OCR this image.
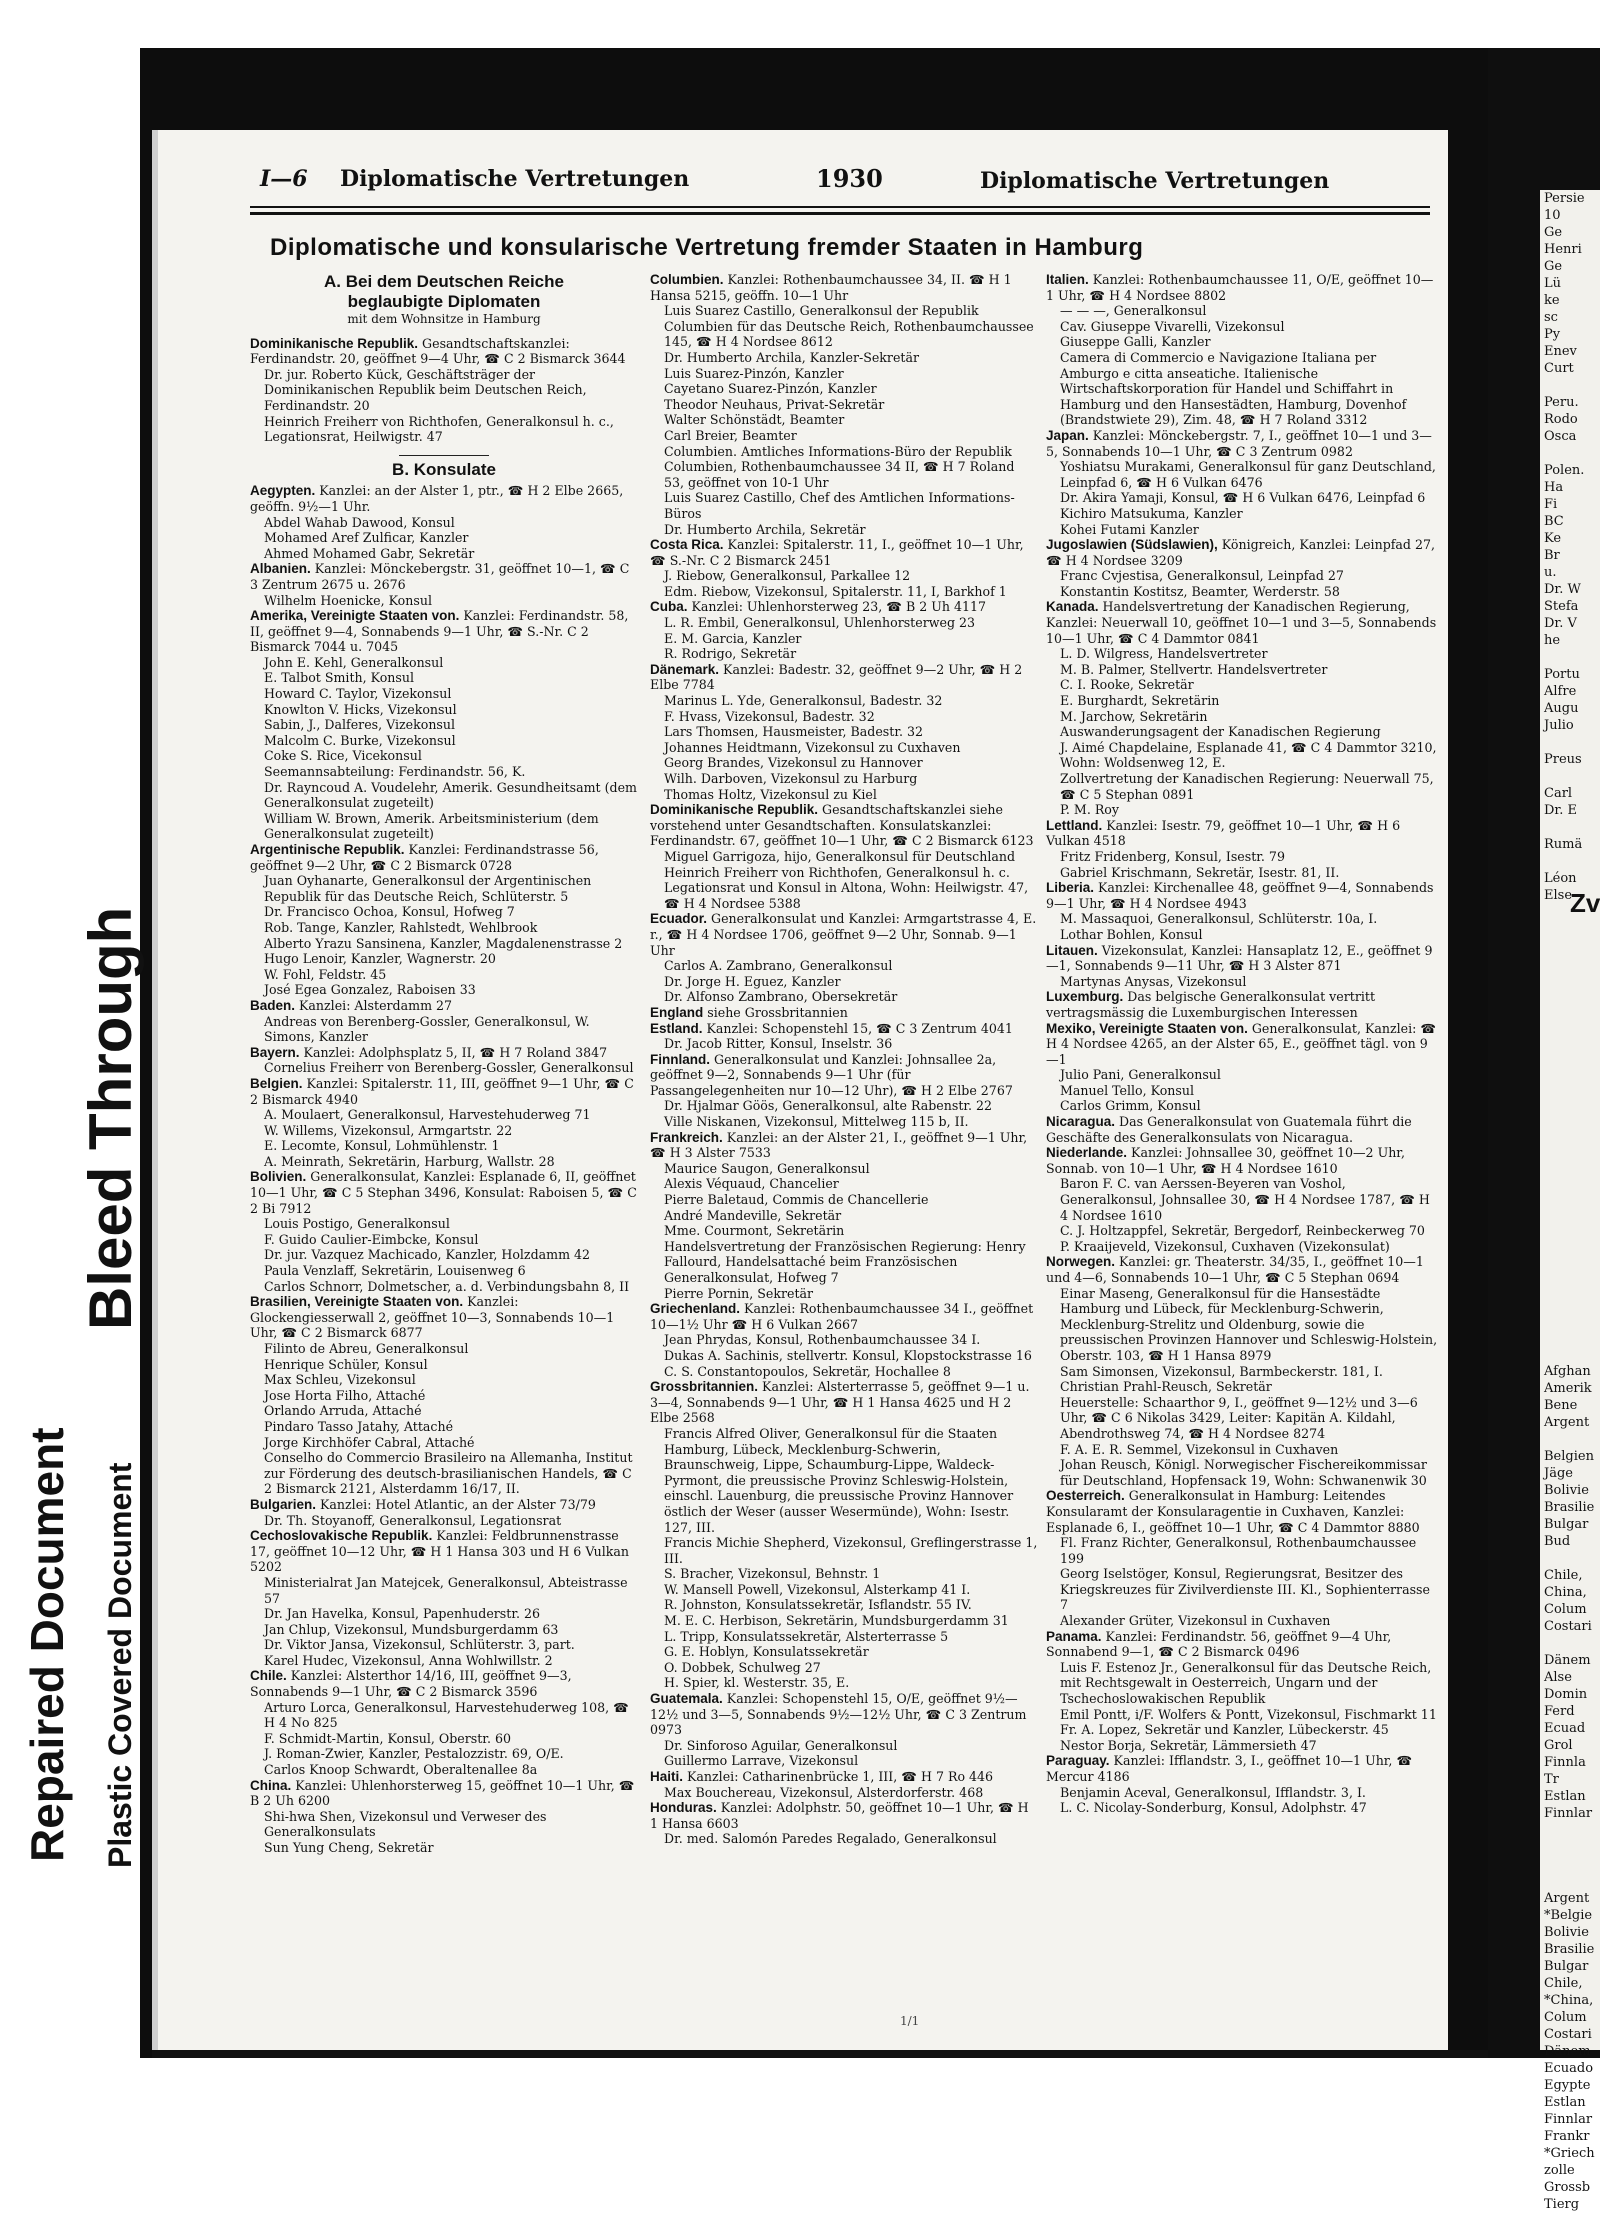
Persie
10
Ge
Henri
Ge
Lü
ke
sc
Py
Enev
Curt
Peru.
Rodo
Osca
Polen.
Ha
Fi
BC
Ke
Br
u.
Dr. W
Stefa
Dr. V
he
Portu
Alfre
Augu
Julio
Preus
Carl
Dr. E
Rumä
Léon
Else
Afghan
Amerik
Bene
Argent
Belgien
Jäge
Bolivie
Brasilie
Bulgar
Bud
Chile,
China,
Colum
Costari
Dänem
Alse
Domin
Ferd
Ecuad
Grol
Finnla
Tr
Estlan
Finnlar
Argent
*Belgie
Bolivie
Brasilie
Bulgar
Chile,
*China,
Colum
Costari
Dänem
Ecuado
Egypte
Estlan
Finnlar
Frankr
*Griech
zolle
Grossb
Tierg
Zv
Repaired Document Plastic Covered Document
Bleed Through
I—6 Diplomatische Vertretungen	1930	Diplomatische Vertretungen
Diplomatische und konsularische Vertretung fremder Staaten in Hamburg
A. Bei dem Deutschen Reiche
beglaubigte Diplomaten
mit dem Wohnsitze in Hamburg
Dominikanische Republik. Gesandtschaftskanzlei: Ferdinandstr. 20, geöffnet 9—4 Uhr, ☎ C 2 Bismarck 3644
Dr. jur. Roberto Kück, Geschäftsträger der Dominikanischen Republik beim Deutschen Reich, Ferdinandstr. 20
Heinrich Freiherr von Richthofen, Generalkonsul h. c., Legationsrat, Heilwigstr. 47
B. Konsulate
Aegypten. Kanzlei: an der Alster 1, ptr., ☎ H 2 Elbe 2665, geöffn. 9½—1 Uhr.
Abdel Wahab Dawood, Konsul
Mohamed Aref Zulficar, Kanzler
Ahmed Mohamed Gabr, Sekretär
Albanien. Kanzlei: Mönckebergstr. 31, geöffnet 10—1, ☎ C 3 Zentrum 2675 u. 2676
Wilhelm Hoenicke, Konsul
Amerika, Vereinigte Staaten von. Kanzlei: Ferdinandstr. 58, II, geöffnet 9—4, Sonnabends 9—1 Uhr, ☎ S.-Nr. C 2 Bismarck 7044 u. 7045
John E. Kehl, Generalkonsul
E. Talbot Smith, Konsul
Howard C. Taylor, Vizekonsul
Knowlton V. Hicks, Vizekonsul
Sabin, J., Dalferes, Vizekonsul
Malcolm C. Burke, Vizekonsul
Coke S. Rice, Vicekonsul
Seemannsabteilung: Ferdinandstr. 56, K.
Dr. Rayncoud A. Voudelehr, Amerik. Gesundheitsamt (dem Generalkonsulat zugeteilt)
William W. Brown, Amerik. Arbeitsministerium (dem Generalkonsulat zugeteilt)
Argentinische Republik. Kanzlei: Ferdinandstrasse 56, geöffnet 9—2 Uhr, ☎ C 2 Bismarck 0728
Juan Oyhanarte, Generalkonsul der Argentinischen Republik für das Deutsche Reich, Schlüterstr. 5
Dr. Francisco Ochoa, Konsul, Hofweg 7
Rob. Tange, Kanzler, Rahlstedt, Wehlbrook
Alberto Yrazu Sansinena, Kanzler, Magdalenenstrasse 2
Hugo Lenoir, Kanzler, Wagnerstr. 20
W. Fohl, Feldstr. 45
José Egea Gonzalez, Raboisen 33
Baden. Kanzlei: Alsterdamm 27
Andreas von Berenberg-Gossler, Generalkonsul, W. Simons, Kanzler
Bayern. Kanzlei: Adolphsplatz 5, II, ☎ H 7 Roland 3847
Cornelius Freiherr von Berenberg-Gossler, Generalkonsul
Belgien. Kanzlei: Spitalerstr. 11, III, geöffnet 9—1 Uhr, ☎ C 2 Bismarck 4940
A. Moulaert, Generalkonsul, Harvestehuderweg 71
W. Willems, Vizekonsul, Armgartstr. 22
E. Lecomte, Konsul, Lohmühlenstr. 1
A. Meinrath, Sekretärin, Harburg, Wallstr. 28
Bolivien. Generalkonsulat, Kanzlei: Esplanade 6, II, geöffnet 10—1 Uhr, ☎ C 5 Stephan 3496, Konsulat: Raboisen 5, ☎ C 2 Bi 7912
Louis Postigo, Generalkonsul
F. Guido Caulier-Eimbcke, Konsul
Dr. jur. Vazquez Machicado, Kanzler, Holzdamm 42
Paula Venzlaff, Sekretärin, Louisenweg 6
Carlos Schnorr, Dolmetscher, a. d. Verbindungsbahn 8, II
Brasilien, Vereinigte Staaten von. Kanzlei: Glockengiesserwall 2, geöffnet 10—3, Sonnabends 10—1 Uhr, ☎ C 2 Bismarck 6877
Filinto de Abreu, Generalkonsul
Henrique Schüler, Konsul
Max Schleu, Vizekonsul
Jose Horta Filho, Attaché
Orlando Arruda, Attaché
Pindaro Tasso Jatahy, Attaché
Jorge Kirchhöfer Cabral, Attaché
Conselho do Commercio Brasileiro na Allemanha, Institut zur Förderung des deutsch-brasilianischen Handels, ☎ C 2 Bismarck 2121, Alsterdamm 16/17, II.
Bulgarien. Kanzlei: Hotel Atlantic, an der Alster 73/79
Dr. Th. Stoyanoff, Generalkonsul, Legationsrat
Cechoslovakische Republik. Kanzlei: Feldbrunnenstrasse 17, geöffnet 10—12 Uhr, ☎ H 1 Hansa 303 und H 6 Vulkan 5202
Ministerialrat Jan Matejcek, Generalkonsul, Abteistrasse 57
Dr. Jan Havelka, Konsul, Papenhuderstr. 26
Jan Chlup, Vizekonsul, Mundsburgerdamm 63
Dr. Viktor Jansa, Vizekonsul, Schlüterstr. 3, part.
Karel Hudec, Vizekonsul, Anna Wohlwillstr. 2
Chile. Kanzlei: Alsterthor 14/16, III, geöffnet 9—3, Sonnabends 9—1 Uhr, ☎ C 2 Bismarck 3596
Arturo Lorca, Generalkonsul, Harvestehuderweg 108, ☎ H 4 No 825
F. Schmidt-Martin, Konsul, Oberstr. 60
J. Roman-Zwier, Kanzler, Pestalozzistr. 69, O/E.
Carlos Knoop Schwardt, Oberaltenallee 8a
China. Kanzlei: Uhlenhorsterweg 15, geöffnet 10—1 Uhr, ☎ B 2 Uh 6200
Shi-hwa Shen, Vizekonsul und Verweser des Generalkonsulats
Sun Yung Cheng, Sekretär
Columbien. Kanzlei: Rothenbaumchaussee 34, II. ☎ H 1 Hansa 5215, geöffn. 10—1 Uhr
Luis Suarez Castillo, Generalkonsul der Republik Columbien für das Deutsche Reich, Rothenbaumchaussee 145, ☎ H 4 Nordsee 8612
Dr. Humberto Archila, Kanzler-Sekretär
Luis Suarez-Pinzón, Kanzler
Cayetano Suarez-Pinzón, Kanzler
Theodor Neuhaus, Privat-Sekretär
Walter Schönstädt, Beamter
Carl Breier, Beamter
Columbien. Amtliches Informations-Büro der Republik Columbien, Rothenbaumchaussee 34 II, ☎ H 7 Roland 53, geöffnet von 10-1 Uhr
Luis Suarez Castillo, Chef des Amtlichen Informations-Büros
Dr. Humberto Archila, Sekretär
Costa Rica. Kanzlei: Spitalerstr. 11, I., geöffnet 10—1 Uhr, ☎ S.-Nr. C 2 Bismarck 2451
J. Riebow, Generalkonsul, Parkallee 12
Edm. Riebow, Vizekonsul, Spitalerstr. 11, I, Barkhof 1
Cuba. Kanzlei: Uhlenhorsterweg 23, ☎ B 2 Uh 4117
L. R. Embil, Generalkonsul, Uhlenhorsterweg 23
E. M. Garcia, Kanzler
R. Rodrigo, Sekretär
Dänemark. Kanzlei: Badestr. 32, geöffnet 9—2 Uhr, ☎ H 2 Elbe 7784
Marinus L. Yde, Generalkonsul, Badestr. 32
F. Hvass, Vizekonsul, Badestr. 32
Lars Thomsen, Hausmeister, Badestr. 32
Johannes Heidtmann, Vizekonsul zu Cuxhaven
Georg Brandes, Vizekonsul zu Hannover
Wilh. Darboven, Vizekonsul zu Harburg
Thomas Holtz, Vizekonsul zu Kiel
Dominikanische Republik. Gesandtschaftskanzlei siehe vorstehend unter Gesandtschaften. Konsulatskanzlei: Ferdinandstr. 67, geöffnet 10—1 Uhr, ☎ C 2 Bismarck 6123
Miguel Garrigoza, hijo, Generalkonsul für Deutschland
Heinrich Freiherr von Richthofen, Generalkonsul h. c. Legationsrat und Konsul in Altona, Wohn: Heilwigstr. 47, ☎ H 4 Nordsee 5388
Ecuador. Generalkonsulat und Kanzlei: Armgartstrasse 4, E. r., ☎ H 4 Nordsee 1706, geöffnet 9—2 Uhr, Sonnab. 9—1 Uhr
Carlos A. Zambrano, Generalkonsul
Dr. Jorge H. Eguez, Kanzler
Dr. Alfonso Zambrano, Obersekretär
England siehe Grossbritannien
Estland. Kanzlei: Schopenstehl 15, ☎ C 3 Zentrum 4041
Dr. Jacob Ritter, Konsul, Inselstr. 36
Finnland. Generalkonsulat und Kanzlei: Johnsallee 2a, geöffnet 9—2, Sonnabends 9—1 Uhr (für Passangelegenheiten nur 10—12 Uhr), ☎ H 2 Elbe 2767
Dr. Hjalmar Göös, Generalkonsul, alte Rabenstr. 22
Ville Niskanen, Vizekonsul, Mittelweg 115 b, II.
Frankreich. Kanzlei: an der Alster 21, I., geöffnet 9—1 Uhr, ☎ H 3 Alster 7533
Maurice Saugon, Generalkonsul
Alexis Véquaud, Chancelier
Pierre Baletaud, Commis de Chancellerie
André Mandeville, Sekretär
Mme. Courmont, Sekretärin
Handelsvertretung der Französischen Regierung: Henry Fallourd, Handelsattaché beim Französischen Generalkonsulat, Hofweg 7
Pierre Pornin, Sekretär
Griechenland. Kanzlei: Rothenbaumchaussee 34 I., geöffnet 10—1½ Uhr ☎ H 6 Vulkan 2667
Jean Phrydas, Konsul, Rothenbaumchaussee 34 I.
Dukas A. Sachinis, stellvertr. Konsul, Klopstockstrasse 16
C. S. Constantopoulos, Sekretär, Hochallee 8
Grossbritannien. Kanzlei: Alsterterrasse 5, geöffnet 9—1 u. 3—4, Sonnabends 9—1 Uhr, ☎ H 1 Hansa 4625 und H 2 Elbe 2568
Francis Alfred Oliver, Generalkonsul für die Staaten Hamburg, Lübeck, Mecklenburg-Schwerin, Braunschweig, Lippe, Schaumburg-Lippe, Waldeck-Pyrmont, die preussische Provinz Schleswig-Holstein, einschl. Lauenburg, die preussische Provinz Hannover östlich der Weser (ausser Wesermünde), Wohn: Isestr. 127, III.
Francis Michie Shepherd, Vizekonsul, Greflingerstrasse 1, III.
S. Bracher, Vizekonsul, Behnstr. 1
W. Mansell Powell, Vizekonsul, Alsterkamp 41 I.
R. Johnston, Konsulatssekretär, Isflandstr. 55 IV.
M. E. C. Herbison, Sekretärin, Mundsburgerdamm 31
L. Tripp, Konsulatssekretär, Alsterterrasse 5
G. E. Hoblyn, Konsulatssekretär
O. Dobbek, Schulweg 27
H. Spier, kl. Westerstr. 35, E.
Guatemala. Kanzlei: Schopenstehl 15, O/E, geöffnet 9½—12½ und 3—5, Sonnabends 9½—12½ Uhr, ☎ C 3 Zentrum 0973
Dr. Sinforoso Aguilar, Generalkonsul
Guillermo Larrave, Vizekonsul
Haiti. Kanzlei: Catharinenbrücke 1, III, ☎ H 7 Ro 446
Max Bouchereau, Vizekonsul, Alsterdorferstr. 468
Honduras. Kanzlei: Adolphstr. 50, geöffnet 10—1 Uhr, ☎ H 1 Hansa 6603
Dr. med. Salomón Paredes Regalado, Generalkonsul
Italien. Kanzlei: Rothenbaumchaussee 11, O/E, geöffnet 10—1 Uhr, ☎ H 4 Nordsee 8802
— — —, Generalkonsul
Cav. Giuseppe Vivarelli, Vizekonsul
Giuseppe Galli, Kanzler
Camera di Commercio e Navigazione Italiana per Amburgo e citta anseatiche. Italienische Wirtschaftskorporation für Handel und Schiffahrt in Hamburg und den Hansestädten, Hamburg, Dovenhof (Brandstwiete 29), Zim. 48, ☎ H 7 Roland 3312
Japan. Kanzlei: Mönckebergstr. 7, I., geöffnet 10—1 und 3—5, Sonnabends 10—1 Uhr, ☎ C 3 Zentrum 0982
Yoshiatsu Murakami, Generalkonsul für ganz Deutschland, Leinpfad 6, ☎ H 6 Vulkan 6476
Dr. Akira Yamaji, Konsul, ☎ H 6 Vulkan 6476, Leinpfad 6
Kichiro Matsukuma, Kanzler
Kohei Futami Kanzler
Jugoslawien (Südslawien), Königreich, Kanzlei: Leinpfad 27, ☎ H 4 Nordsee 3209
Franc Cvjestisa, Generalkonsul, Leinpfad 27
Konstantin Kostitsz, Beamter, Werderstr. 58
Kanada. Handelsvertretung der Kanadischen Regierung, Kanzlei: Neuerwall 10, geöffnet 10—1 und 3—5, Sonnabends 10—1 Uhr, ☎ C 4 Dammtor 0841
L. D. Wilgress, Handelsvertreter
M. B. Palmer, Stellvertr. Handelsvertreter
C. I. Rooke, Sekretär
E. Burghardt, Sekretärin
M. Jarchow, Sekretärin
Auswanderungsagent der Kanadischen Regierung
J. Aimé Chapdelaine, Esplanade 41, ☎ C 4 Dammtor 3210, Wohn: Woldsenweg 12, E.
Zollvertretung der Kanadischen Regierung: Neuerwall 75, ☎ C 5 Stephan 0891
P. M. Roy
Lettland. Kanzlei: Isestr. 79, geöffnet 10—1 Uhr, ☎ H 6 Vulkan 4518
Fritz Fridenberg, Konsul, Isestr. 79
Gabriel Krischmann, Sekretär, Isestr. 81, II.
Liberia. Kanzlei: Kirchenallee 48, geöffnet 9—4, Sonnabends 9—1 Uhr, ☎ H 4 Nordsee 4943
M. Massaquoi, Generalkonsul, Schlüterstr. 10a, I.
Lothar Bohlen, Konsul
Litauen. Vizekonsulat, Kanzlei: Hansaplatz 12, E., geöffnet 9—1, Sonnabends 9—11 Uhr, ☎ H 3 Alster 871
Martynas Anysas, Vizekonsul
Luxemburg. Das belgische Generalkonsulat vertritt vertragsmässig die Luxemburgischen Interessen
Mexiko, Vereinigte Staaten von. Generalkonsulat, Kanzlei: ☎ H 4 Nordsee 4265, an der Alster 65, E., geöffnet tägl. von 9—1
Julio Pani, Generalkonsul
Manuel Tello, Konsul
Carlos Grimm, Konsul
Nicaragua. Das Generalkonsulat von Guatemala führt die Geschäfte des Generalkonsulats von Nicaragua.
Niederlande. Kanzlei: Johnsallee 30, geöffnet 10—2 Uhr, Sonnab. von 10—1 Uhr, ☎ H 4 Nordsee 1610
Baron F. C. van Aerssen-Beyeren van Voshol, Generalkonsul, Johnsallee 30, ☎ H 4 Nordsee 1787, ☎ H 4 Nordsee 1610
C. J. Holtzappfel, Sekretär, Bergedorf, Reinbeckerweg 70
P. Kraaijeveld, Vizekonsul, Cuxhaven (Vizekonsulat)
Norwegen. Kanzlei: gr. Theaterstr. 34/35, I., geöffnet 10—1 und 4—6, Sonnabends 10—1 Uhr, ☎ C 5 Stephan 0694
Einar Maseng, Generalkonsul für die Hansestädte Hamburg und Lübeck, für Mecklenburg-Schwerin, Mecklenburg-Strelitz und Oldenburg, sowie die preussischen Provinzen Hannover und Schleswig-Holstein, Oberstr. 103, ☎ H 1 Hansa 8979
Sam Simonsen, Vizekonsul, Barmbeckerstr. 181, I.
Christian Prahl-Reusch, Sekretär
Heuerstelle: Schaarthor 9, I., geöffnet 9—12½ und 3—6 Uhr, ☎ C 6 Nikolas 3429, Leiter: Kapitän A. Kildahl, Abendrothsweg 74, ☎ H 4 Nordsee 8274
F. A. E. R. Semmel, Vizekonsul in Cuxhaven
Johan Reusch, Königl. Norwegischer Fischereikommissar für Deutschland, Hopfensack 19, Wohn: Schwanenwik 30
Oesterreich. Generalkonsulat in Hamburg: Leitendes Konsularamt der Konsularagentie in Cuxhaven, Kanzlei: Esplanade 6, I., geöffnet 10—1 Uhr, ☎ C 4 Dammtor 8880
Fl. Franz Richter, Generalkonsul, Rothenbaumchaussee 199
Georg Iselstöger, Konsul, Regierungsrat, Besitzer des Kriegskreuzes für Zivilverdienste III. Kl., Sophienterrasse 7
Alexander Grüter, Vizekonsul in Cuxhaven
Panama. Kanzlei: Ferdinandstr. 56, geöffnet 9—4 Uhr, Sonnabend 9—1, ☎ C 2 Bismarck 0496
Luis F. Estenoz Jr., Generalkonsul für das Deutsche Reich, mit Rechtsgewalt in Oesterreich, Ungarn und der Tschechoslowakischen Republik
Emil Pontt, i/F. Wolfers & Pontt, Vizekonsul, Fischmarkt 11
Fr. A. Lopez, Sekretär und Kanzler, Lübeckerstr. 45
Nestor Borja, Sekretär, Lämmersieth 47
Paraguay. Kanzlei: Ifflandstr. 3, I., geöffnet 10—1 Uhr, ☎ Mercur 4186
Benjamin Aceval, Generalkonsul, Ifflandstr. 3, I.
L. C. Nicolay-Sonderburg, Konsul, Adolphstr. 47
1/1
